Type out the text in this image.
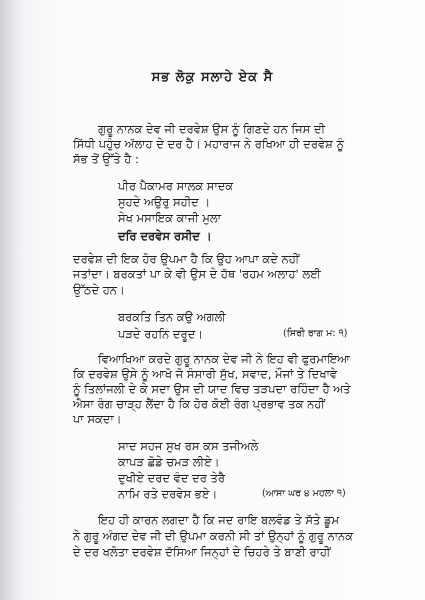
ਸਭ ਲੋਕੁ ਸਲਾਹੇ ਏਕ ਸੈ
ਗੁਰੂ ਨਾਨਕ ਦੇਵ ਜੀ ਦਰਵੇਸ਼ ਉਸ ਨੂੰ ਗਿਣਦੇ ਹਨ ਜਿਸ ਦੀ
ਸਿੱਧੀ ਪਹੁੰਚ ਅੱਲਾਹ ਦੇ ਦਰ ਹੈ। ਮਹਾਰਾਜ ਨੇ ਰਖਿਆ ਹੀ ਦਰਵੇਸ਼ ਨੂੰ
ਸੱਭ ਤੋਂ ਉੱਤੇ ਹੈ :
ਪੀਰ ਪੈਕਾਮਰ ਸਾਲਕ ਸਾਦਕ
ਸੁਹਦੇ ਅਉਰੁ ਸਹੀਦ ।
ਸੇਖ ਮਸਾਇਕ ਕਾਜੀ ਮੁਲਾ
ਦਰਿ ਦਰਵੇਸ ਰਸੀਦ ।
ਦਰਵੇਸ਼ ਦੀ ਇਕ ਹੋਰ ਉਪਮਾ ਹੈ ਕਿ ਉਹ ਆਪਾ ਕਦੇ ਨਹੀਂ
ਜਤਾਂਦਾ। ਬਰਕਤਾਂ ਪਾ ਕੇ ਵੀ ਉਸ ਦੇ ਹੱਥ 'ਰਹਮ ਅਲਾਹ' ਲਈ
ਉੱਠਦੇ ਹਨ।
ਬਰਕਤਿ ਤਿਨ ਕਉ ਅਗਲੀ
ਪੜਦੇ ਰਹਨਿ ਦਰੂਦ।	(ਸਿਰੀ ਰਾਗ ਮ: ੧)
ਵਿਆਖਿਆ ਕਰਦੇ ਗੁਰੂ ਨਾਨਕ ਦੇਵ ਜੀ ਨੇ ਇਹ ਵੀ ਫੁਰਮਾਇਆ
ਕਿ ਦਰਵੇਸ਼ ਉਸੇ ਨੂੰ ਆਖੋ ਜੋ ਸੰਸਾਰੀ ਸੁੱਖ, ਸਵਾਦ, ਮੌਜਾਂ ਤੇ ਦਿਖਾਵੇ
ਨੂੰ ਤਿਲਾਂਜਲੀ ਦੇ ਕੇ ਸਦਾ ਉਸ ਦੀ ਯਾਦ ਵਿਚ ਤੜਪਦਾ ਰਹਿੰਦਾ ਹੈ ਅਤੇ
ਐਸਾ ਰੰਗ ਚਾੜ੍ਹ ਲੈਂਦਾ ਹੈ ਕਿ ਹੋਰ ਕੋਈ ਰੰਗ ਪ੍ਰਭਾਵ ਤਕ ਨਹੀਂ
ਪਾ ਸਕਦਾ।
ਸਾਦ ਸਹਜ ਸੁਖ ਰਸ ਕਸ ਤਜੀਅਲੇ
ਕਾਪੜ ਛੋਡੇ ਚਮੜ ਲੀਏ।
ਦੁਖੀਏ ਦਰਦ ਵੰਦ ਦਰ ਤੇਰੈ
ਨਾਮਿ ਰਤੇ ਦਰਵੇਸ ਭਏ।	(ਆਸਾ ਘਰ ੪ ਮਹਲਾ ੧)
ਇਹ ਹੀ ਕਾਰਨ ਲਗਦਾ ਹੈ ਕਿ ਜਦ ਰਾਇ ਬਲਵੰਡ ਤੇ ਸੱਤੇ ਡੂਮ
ਨੇ ਗੁਰੂ ਅੰਗਦ ਦੇਵ ਜੀ ਦੀ ਉਪਮਾ ਕਰਨੀ ਸੀ ਤਾਂ ਉਨ੍ਹਾਂ ਨੂੰ ਗੁਰੂ ਨਾਨਕ
ਦੇ ਦਰ ਖਲੋਤਾ ਦਰਵੇਸ਼ ਦੱਸਿਆ ਜਿਨ੍ਹਾਂ ਦੇ ਚਿਹਰੇ ਤੇ ਬਾਣੀ ਰਾਹੀਂ
